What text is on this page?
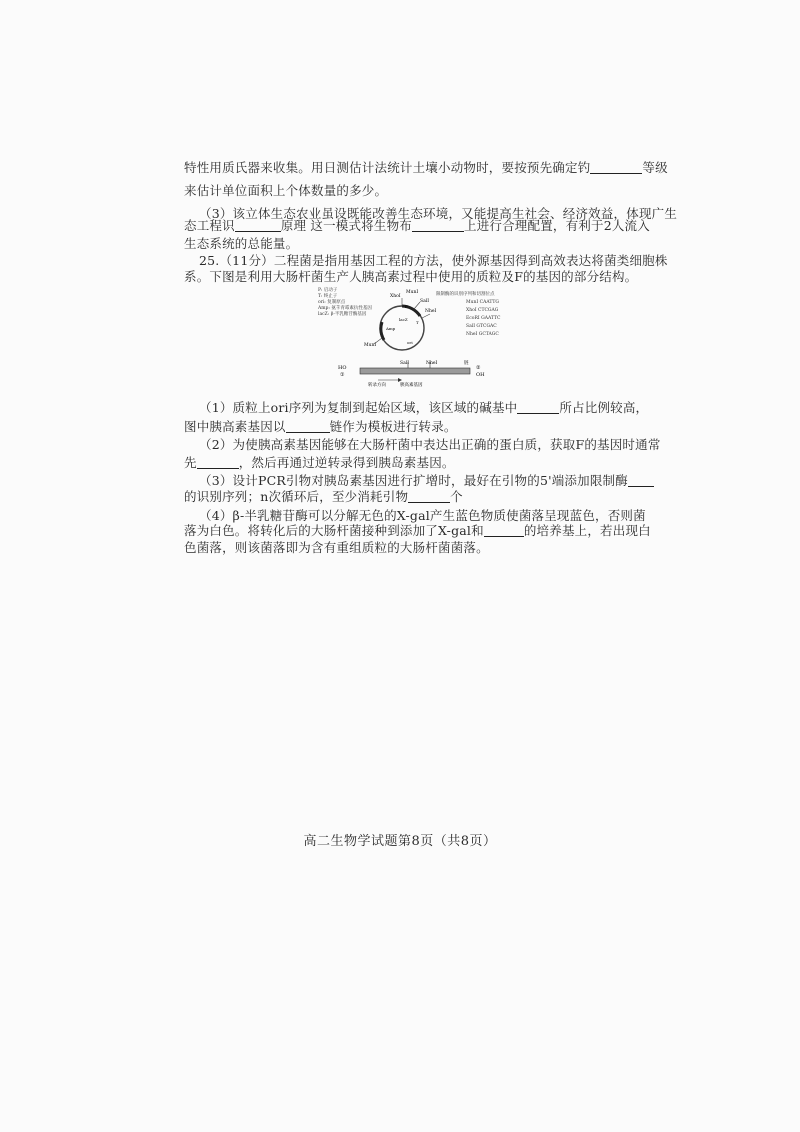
特性用质氏器来收集。用日测估计法统计土壤小动物时，要按预先确定钓	等级
来估计单位面积上个体数量的多少。
（3）该立体生态农业虽设既能改善生态环境，又能提高生社会、经济效益，体现广生
态工程识	原理 这一模式将生物布	上进行合理配置，有利于2人流入
生态系统的总能量。
25.（11分）二程菌是指用基因工程的方法，使外源基因得到高效表达将菌类细胞株
系。下图是利用大肠杆菌生产人胰高素过程中使用的质粒及F的基因的部分结构。
P: 启动子
T: 终止子
ori: 复制原点
Amp: 氨苄青霉素抗性基因
lacZ: β-半乳糖苷酶基因
XhoⅠ
MunⅠ
SalⅠ
NheⅠ
lacZ
Amp
ori
MunⅠ
P
T
限制酶的识别序列和切割位点
MunⅠ CAATTG
XhoⅠ CTCGAG
EcoRⅠ GAATTC
SalⅠ GTCGAC
NheⅠ GCTAGC
SalⅠ	NheⅠ
HO
①
②
OH
转录方向	胰高素基因
链
（1）质粒上ori序列为复制到起始区域，该区域的碱基中	所占比例较高，
图中胰高素基因以	链作为模板进行转录。
（2）为使胰高素基因能够在大肠杆菌中表达出正确的蛋白质，获取F的基因时通常
先	，然后再通过逆转录得到胰岛素基因。
（3）设计PCR引物对胰岛素基因进行扩增时，最好在引物的5'端添加限制酶
的识别序列；n次循环后，至少消耗引物	个
（4）β-半乳糖苷酶可以分解无色的X-gal产生蓝色物质使菌落呈现蓝色，否则菌
落为白色。将转化后的大肠杆菌接种到添加了X-gal和	的培养基上，若出现白
色菌落，则该菌落即为含有重组质粒的大肠杆菌菌落。
高二生物学试题第8页（共8页）
